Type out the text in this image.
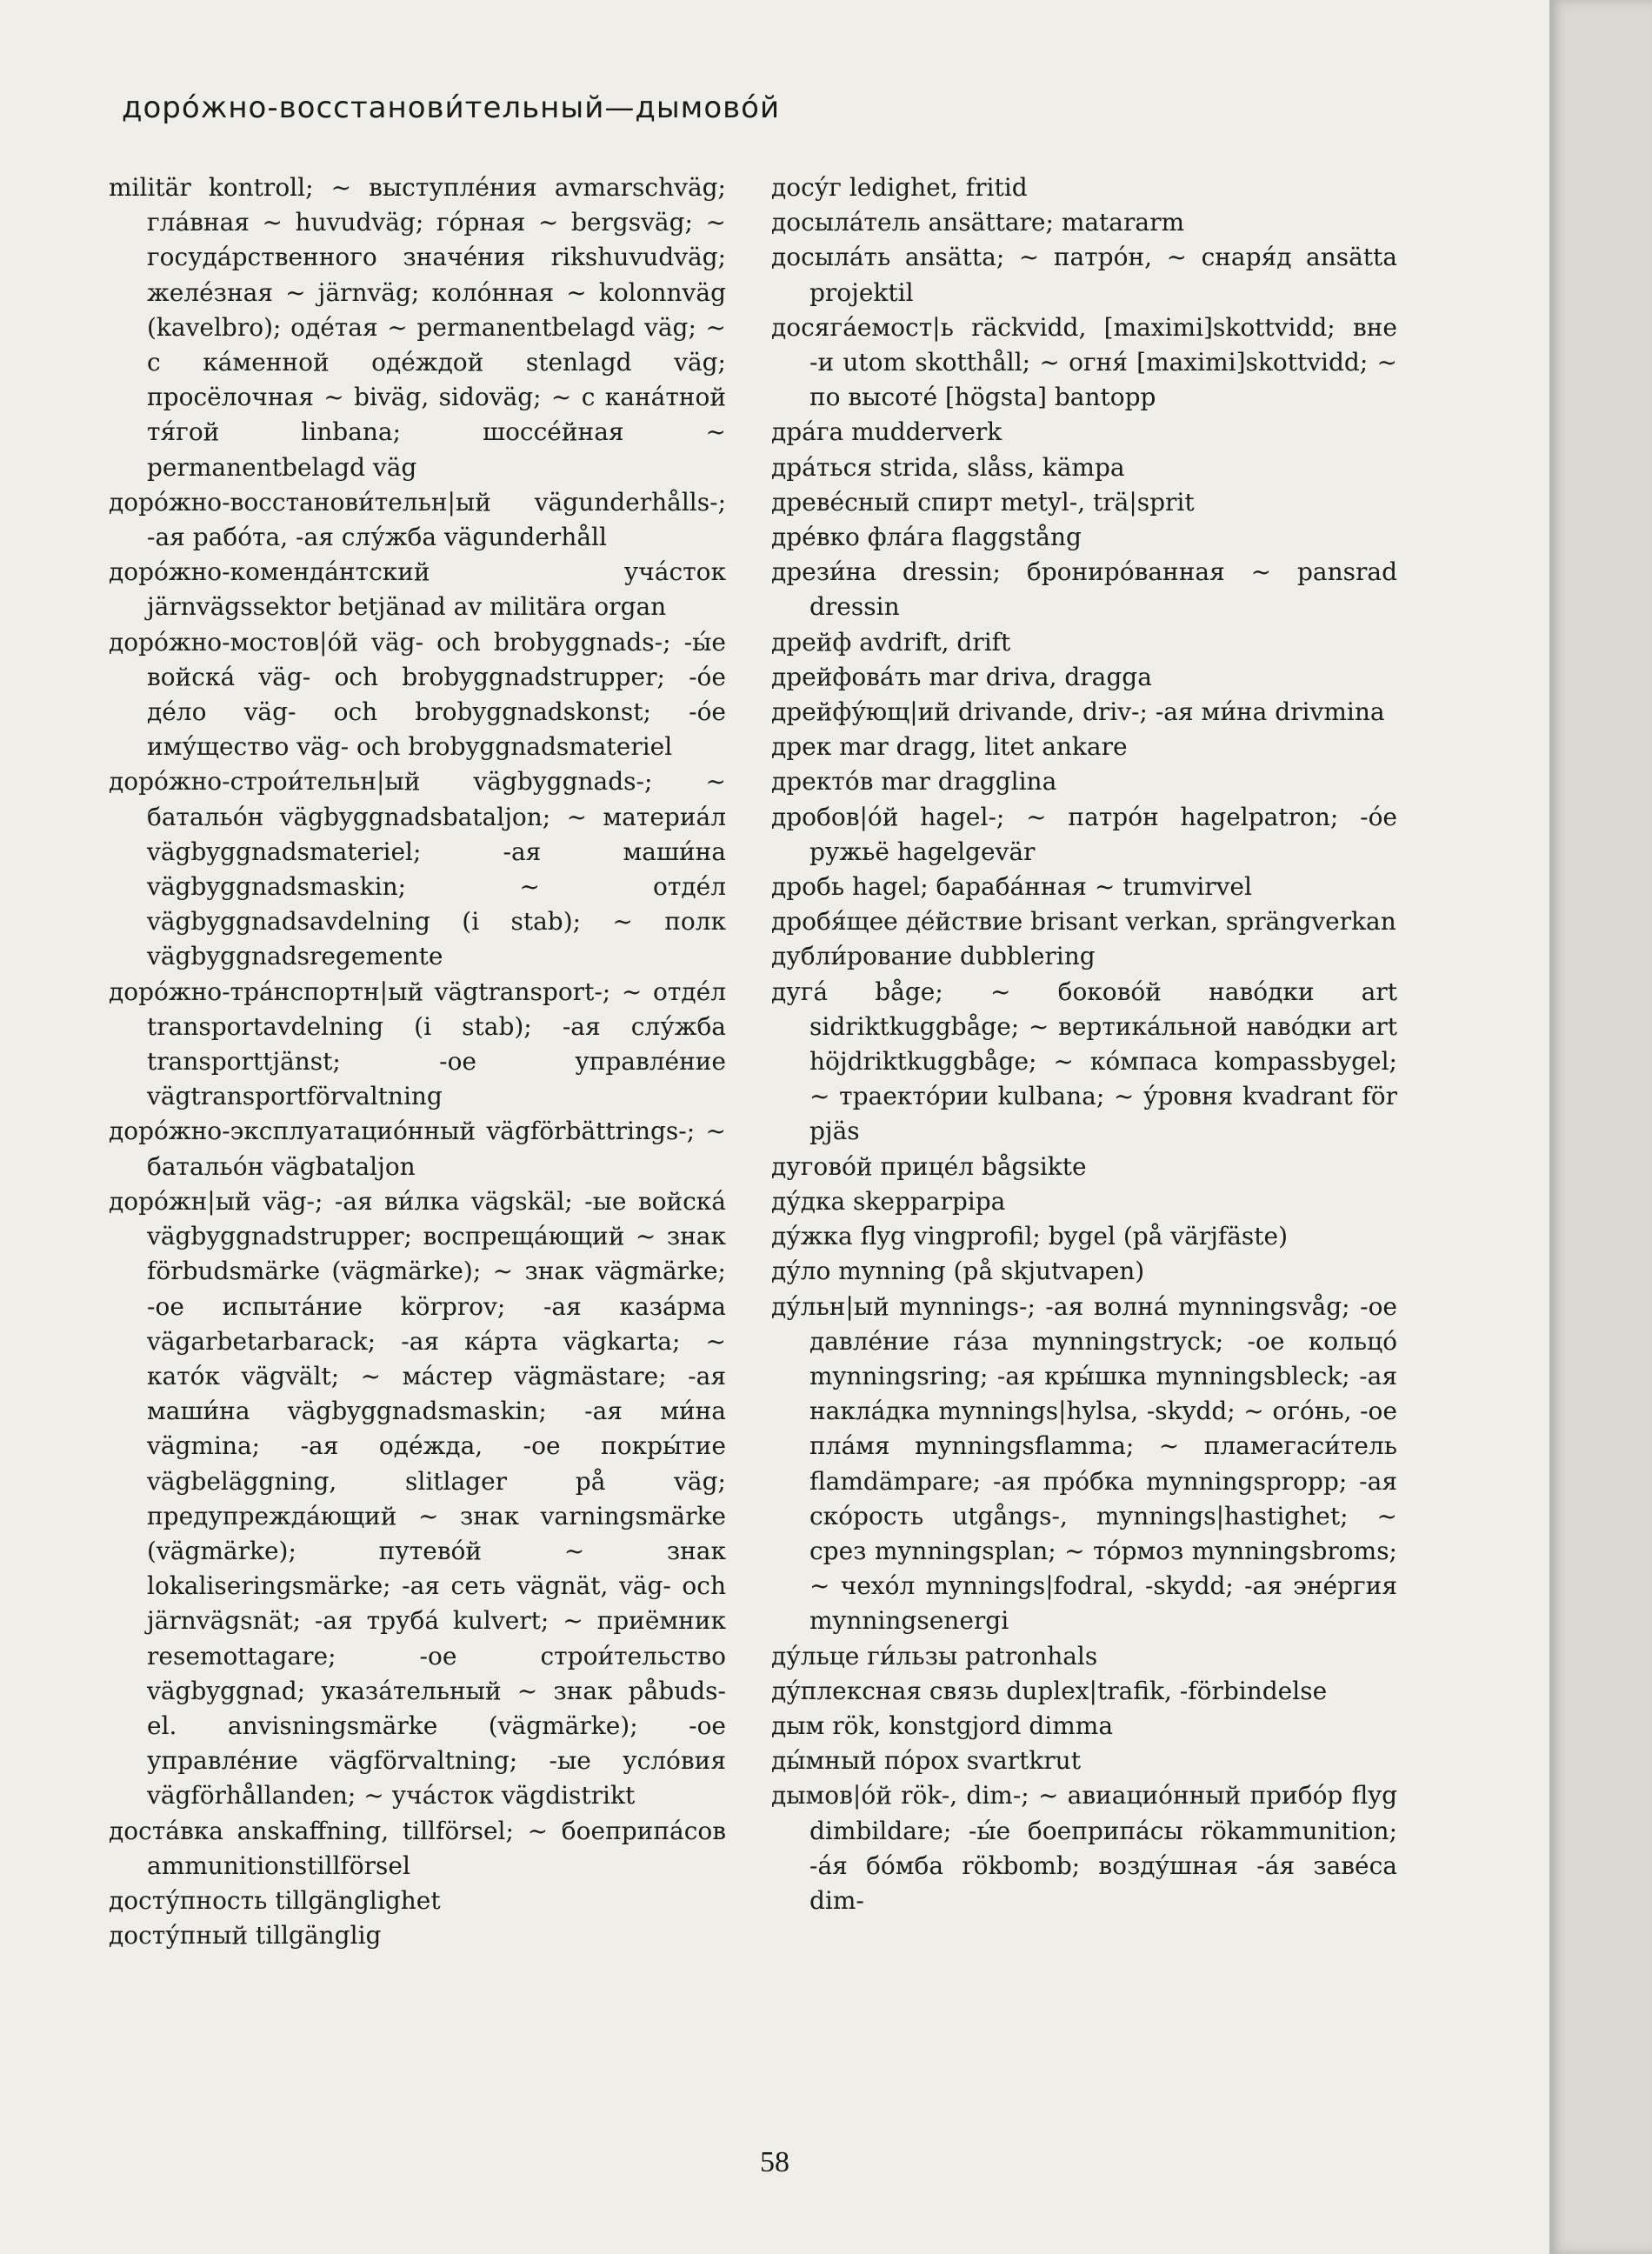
доро́жно-восстанови́тельный—дымово́й

militär kontroll; ~ выступле́ния avmarschväg; гла́вная ~ huvudväg; го́рная ~ bergsväg; ~ госуда́рственного значе́ния rikshuvudväg; желе́зная ~ järnväg; коло́нная ~ kolonnväg (kavelbro); оде́тая ~ permanentbelagd väg; ~ с ка́менной оде́ждой stenlagd väg; просёлочная ~ biväg, sidoväg; ~ с кана́тной тя́гой linbana; шоссе́йная ~ permanentbelagd väg

доро́жно-восстанови́тельн|ый vägunderhålls-; -ая рабо́та, -ая слу́жба vägunderhåll

доро́жно-коменда́нтский уча́сток järnvägssektor betjänad av militära organ

доро́жно-мостов|о́й väg- och brobyggnads-; -ы́е войска́ väg- och brobyggnadstrupper; -о́е де́ло väg- och brobyggnadskonst; -о́е иму́щество väg- och brobyggnadsmateriel

доро́жно-строи́тельн|ый vägbyggnads-; ~ батальо́н vägbyggnadsbataljon; ~ материа́л vägbyggnadsmateriel; -ая маши́на vägbyggnadsmaskin; ~ отде́л vägbyggnadsavdelning (i stab); ~ полк vägbyggnadsregemente

доро́жно-тра́нспортн|ый vägtransport-; ~ отде́л transportavdelning (i stab); -ая слу́жба transporttjänst; -ое управле́ние vägtransportförvaltning

доро́жно-эксплуатацио́нный vägförbättrings-; ~ батальо́н vägbataljon

доро́жн|ый väg-; -ая ви́лка vägskäl; -ые войска́ vägbyggnadstrupper; воспреща́ющий ~ знак förbudsmärke (vägmärke); ~ знак vägmärke; -ое испыта́ние körprov; -ая каза́рма vägarbetarbarack; -ая ка́рта vägkarta; ~ като́к vägvält; ~ ма́стер vägmästare; -ая маши́на vägbyggnadsmaskin; -ая ми́на vägmina; -ая оде́жда, -ое покры́тие vägbeläggning, slitlager på väg; предупрежда́ющий ~ знак varningsmärke (vägmärke); путево́й ~ знак lokaliseringsmärke; -ая сеть vägnät, väg- och järnvägsnät; -ая труба́ kulvert; ~ приёмник resemottagare; -ое строи́тельство vägbyggnad; указа́тельный ~ знак påbuds- el. anvisningsmärke (vägmärke); -ое управле́ние vägförvaltning; -ые усло́вия vägförhållanden; ~ уча́сток vägdistrikt

доста́вка anskaffning, tillförsel; ~ боеприпа́сов ammunitionstillförsel

досту́пность tillgänglighet

досту́пный tillgänglig

досу́г ledighet, fritid

досыла́тель ansättare; matararm

досыла́ть ansätta; ~ патро́н, ~ снаря́д ansätta projektil

досяга́емост|ь räckvidd, [maximi]skottvidd; вне -и utom skotthåll; ~ огня́ [maximi]skottvidd; ~ по высоте́ [högsta] bantopp

дра́га mudderverk

дра́ться strida, slåss, kämpa

древе́сный спирт metyl-, trä|sprit

дре́вко фла́га flaggstång

дрези́на dressin; брониро́ванная ~ pansrad dressin

дрейф avdrift, drift

дрейфова́ть mar driva, dragga

дрейфу́ющ|ий drivande, driv-; -ая ми́на drivmina

дрек mar dragg, litet ankare

дректо́в mar dragglina

дробов|о́й hagel-; ~ патро́н hagelpatron; -о́е ружьё hagelgevär

дробь hagel; бараба́нная ~ trumvirvel

дробя́щее де́йствие brisant verkan, sprängverkan

дубли́рование dubblering

дуга́ båge; ~ боково́й наво́дки art sidriktkuggbåge; ~ вертика́льной наво́дки art höjdriktkuggbåge; ~ ко́мпаса kompassbygel; ~ траекто́рии kulbana; ~ у́ровня kvadrant för pjäs

дугово́й прице́л bågsikte

ду́дка skepparpipa

ду́жка flyg vingprofil; bygel (på värjfäste)

ду́ло mynning (på skjutvapen)

ду́льн|ый mynnings-; -ая волна́ mynningsvåg; -ое давле́ние га́за mynningstryck; -ое кольцо́ mynningsring; -ая кры́шка mynningsbleck; -ая накла́дка mynnings|hylsa, -skydd; ~ ого́нь, -ое пла́мя mynningsflamma; ~ пламегаси́тель flamdämpare; -ая про́бка mynningspropp; -ая ско́рость utgångs-, mynnings|hastighet; ~ срез mynningsplan; ~ то́рмоз mynningsbroms; ~ чехо́л mynnings|fodral, -skydd; -ая эне́ргия mynningsenergi

ду́льце ги́льзы patronhals

ду́плексная связь duplex|trafik, -förbindelse

дым rök, konstgjord dimma

ды́мный по́рох svartkrut

дымов|о́й rök-, dim-; ~ авиацио́нный прибо́р flyg dimbildare; -ы́е боеприпа́сы rökammunition; -а́я бо́мба rökbomb; возду́шная -а́я заве́са dim-

58
